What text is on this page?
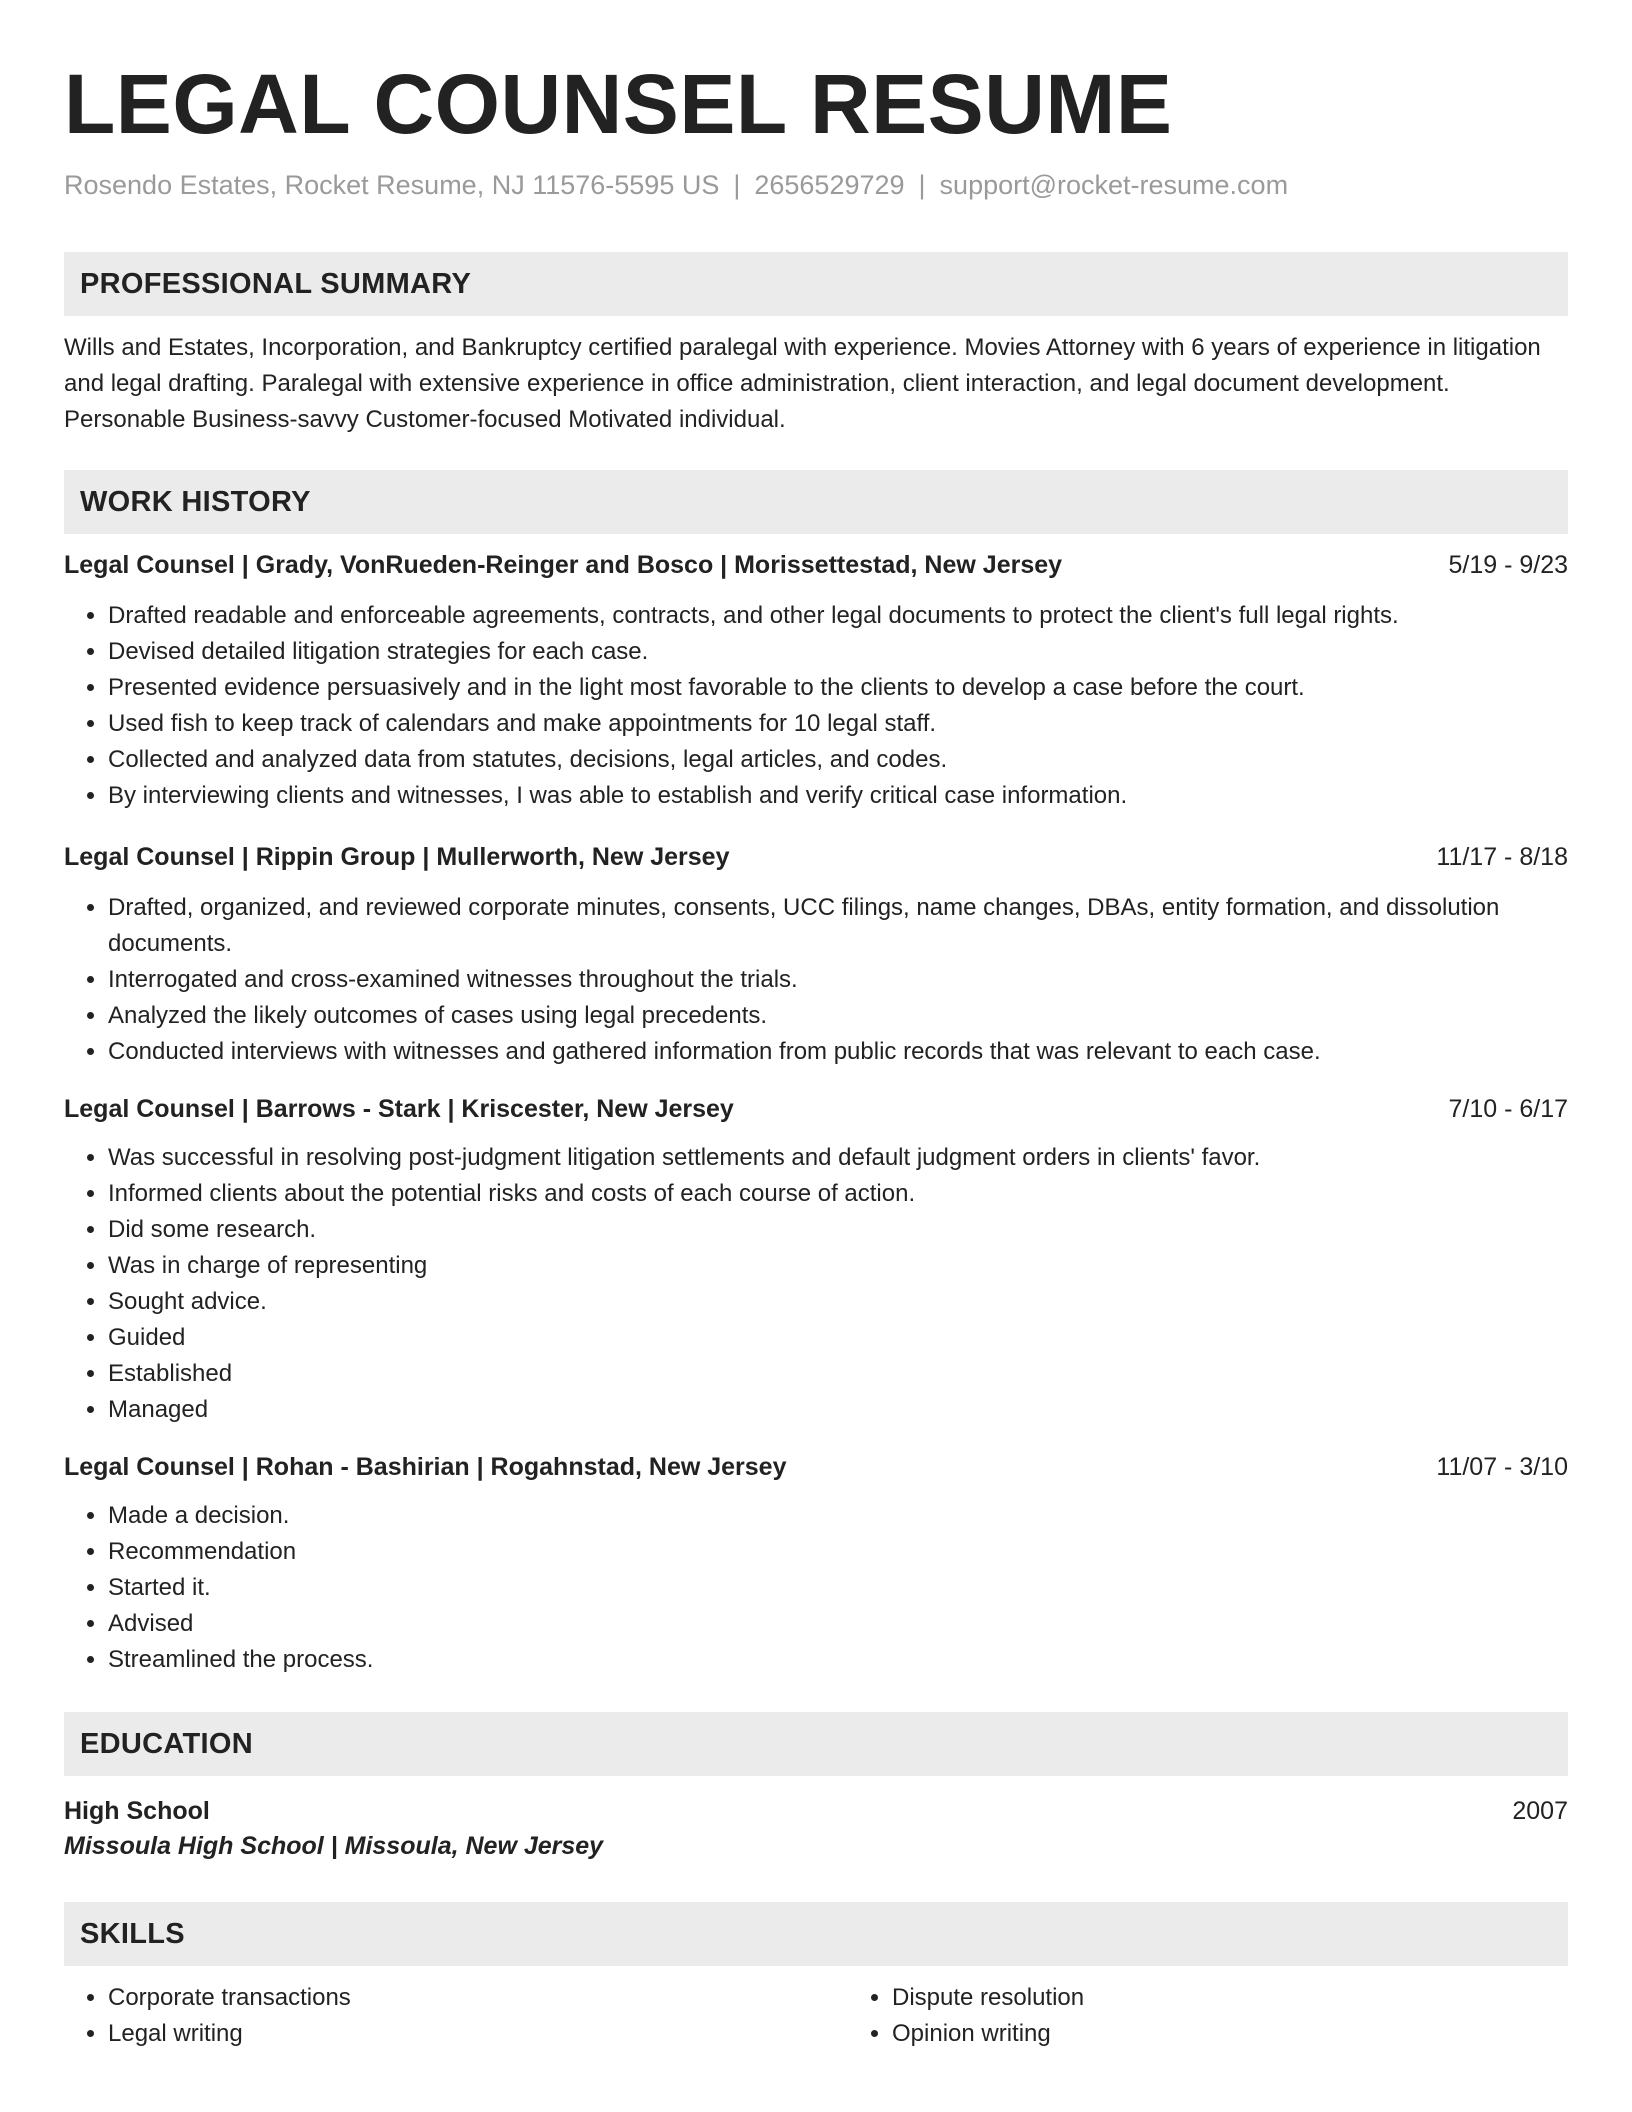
LEGAL COUNSEL RESUME
Rosendo Estates, Rocket Resume, NJ 11576-5595 US | 2656529729 | support@rocket-resume.com
PROFESSIONAL SUMMARY
Wills and Estates, Incorporation, and Bankruptcy certified paralegal with experience. Movies Attorney with 6 years of experience in litigation and legal drafting. Paralegal with extensive experience in office administration, client interaction, and legal document development. Personable Business-savvy Customer-focused Motivated individual.
WORK HISTORY
Legal Counsel | Grady, VonRueden-Reinger and Bosco | Morissettestad, New Jersey	5/19 - 9/23
• Drafted readable and enforceable agreements, contracts, and other legal documents to protect the client's full legal rights.
• Devised detailed litigation strategies for each case.
• Presented evidence persuasively and in the light most favorable to the clients to develop a case before the court.
• Used fish to keep track of calendars and make appointments for 10 legal staff.
• Collected and analyzed data from statutes, decisions, legal articles, and codes.
• By interviewing clients and witnesses, I was able to establish and verify critical case information.
Legal Counsel | Rippin Group | Mullerworth, New Jersey	11/17 - 8/18
• Drafted, organized, and reviewed corporate minutes, consents, UCC filings, name changes, DBAs, entity formation, and dissolution documents.
• Interrogated and cross-examined witnesses throughout the trials.
• Analyzed the likely outcomes of cases using legal precedents.
• Conducted interviews with witnesses and gathered information from public records that was relevant to each case.
Legal Counsel | Barrows - Stark | Kriscester, New Jersey	7/10 - 6/17
• Was successful in resolving post-judgment litigation settlements and default judgment orders in clients' favor.
• Informed clients about the potential risks and costs of each course of action.
• Did some research.
• Was in charge of representing
• Sought advice.
• Guided
• Established
• Managed
Legal Counsel | Rohan - Bashirian | Rogahnstad, New Jersey	11/07 - 3/10
• Made a decision.
• Recommendation
• Started it.
• Advised
• Streamlined the process.
EDUCATION
High School	2007
Missoula High School | Missoula, New Jersey
SKILLS
• Corporate transactions
• Legal writing
• Dispute resolution
• Opinion writing
